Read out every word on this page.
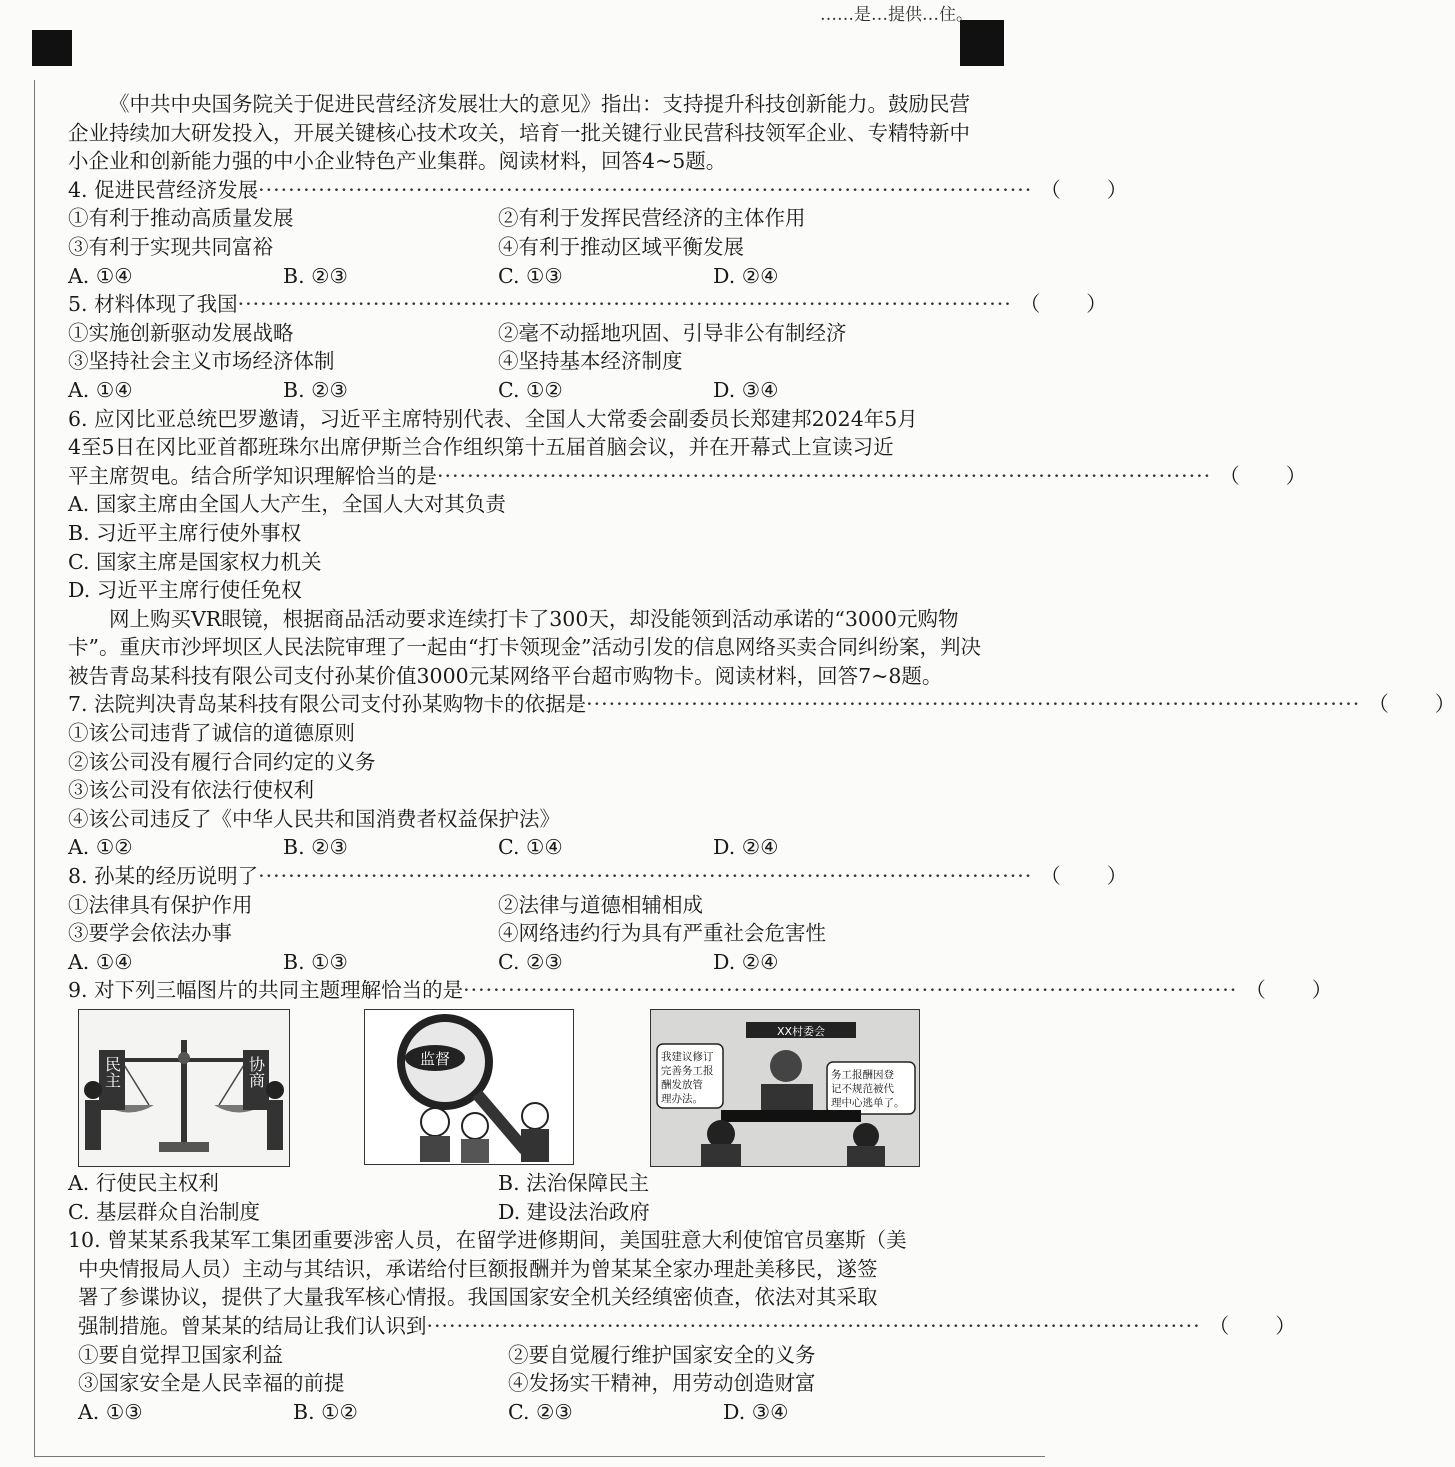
……是…提供…住。

《中共中央国务院关于促进民营经济发展壮大的意见》指出：支持提升科技创新能力。鼓励民营企业持续加大研发投入，开展关键核心技术攻关，培育一批关键行业民营科技领军企业、专精特新中小企业和创新能力强的中小企业特色产业集群。阅读材料，回答4~5题。

4. 促进民营经济发展 ······································································································· （ ）
①有利于推动高质量发展	②有利于发挥民营经济的主体作用
③有利于实现共同富裕	④有利于推动区域平衡发展
A. ①④	B. ②③	C. ①③	D. ②④
5. 材料体现了我国 ······································································································· （ ）
①实施创新驱动发展战略	②毫不动摇地巩固、引导非公有制经济
③坚持社会主义市场经济体制	④坚持基本经济制度
A. ①④	B. ②③	C. ①②	D. ③④
6. 应冈比亚总统巴罗邀请，习近平主席特别代表、全国人大常委会副委员长郑建邦2024年5月
4至5日在冈比亚首都班珠尔出席伊斯兰合作组织第十五届首脑会议，并在开幕式上宣读习近
平主席贺电。结合所学知识理解恰当的是 ······································································································· （ ）
A. 国家主席由全国人大产生，全国人大对其负责
B. 习近平主席行使外事权
C. 国家主席是国家权力机关
D. 习近平主席行使任免权

网上购买VR眼镜，根据商品活动要求连续打卡了300天，却没能领到活动承诺的“3000元购物卡”。重庆市沙坪坝区人民法院审理了一起由“打卡领现金”活动引发的信息网络买卖合同纠纷案，判决被告青岛某科技有限公司支付孙某价值3000元某网络平台超市购物卡。阅读材料，回答7~8题。

7. 法院判决青岛某科技有限公司支付孙某购物卡的依据是 ······································································································· （ ）
①该公司违背了诚信的道德原则
②该公司没有履行合同约定的义务
③该公司没有依法行使权利
④该公司违反了《中华人民共和国消费者权益保护法》
A. ①②	B. ②③	C. ①④	D. ②④
8. 孙某的经历说明了 ······································································································· （ ）
①法律具有保护作用	②法律与道德相辅相成
③要学会依法办事	④网络违约行为具有严重社会危害性
A. ①④	B. ①③	C. ②③	D. ②④
9. 对下列三幅图片的共同主题理解恰当的是 ······································································································· （ ）
民主	协商	监督
XX村委会
我建议修订
完善务工报
酬发放管
理办法。
务工报酬因登
记不规范被代
理中心逃单了。
A. 行使民主权利	B. 法治保障民主
C. 基层群众自治制度	D. 建设法治政府
10. 曾某某系我某军工集团重要涉密人员，在留学进修期间，美国驻意大利使馆官员塞斯（美
中央情报局人员）主动与其结识，承诺给付巨额报酬并为曾某某全家办理赴美移民，遂签
署了参谍协议，提供了大量我军核心情报。我国国家安全机关经缜密侦查，依法对其采取
强制措施。曾某某的结局让我们认识到 ······································································································· （ ）
①要自觉捍卫国家利益	②要自觉履行维护国家安全的义务
③国家安全是人民幸福的前提	④发扬实干精神，用劳动创造财富
A. ①③	B. ①②	C. ②③	D. ③④
